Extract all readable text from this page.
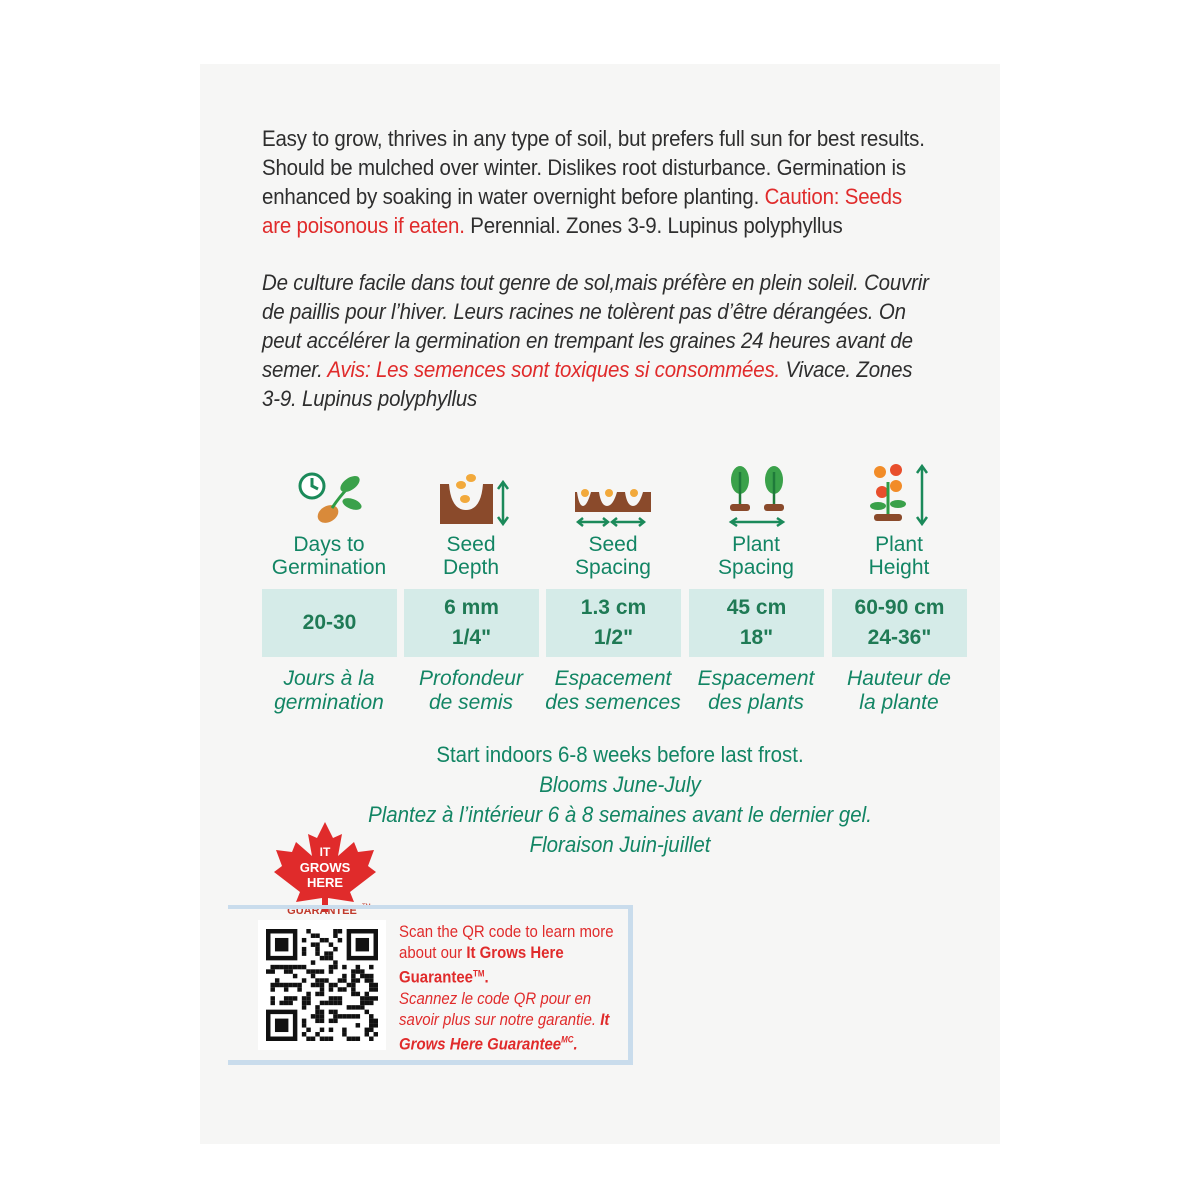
Easy to grow, thrives in any type of soil, but prefers full sun for best results. Should be mulched over winter. Dislikes root disturbance. Germination is enhanced by soaking in water overnight before planting. Caution: Seeds are poisonous if eaten. Perennial. Zones 3-9. Lupinus polyphyllus
De culture facile dans tout genre de sol,mais préfère en plein soleil. Couvrir de paillis pour l’hiver. Leurs racines ne tolèrent pas d’être dérangées. On peut accélérer la germination en trempant les graines 24 heures avant de semer. Avis: Les semences sont toxiques si consommées. Vivace. Zones 3-9. Lupinus polyphyllus
Days to
Germination
Seed
Depth
Seed
Spacing
Plant
Spacing
Plant
Height
20-30
6 mm
1/4"
1.3 cm
1/2"
45 cm
18"
60-90 cm
24-36"
Jours à la
germination
Profondeur
de semis
Espacement
des semences
Espacement
des plants
Hauteur de
la plante
Start indoors 6-8 weeks before last frost.
Blooms June-July
Plantez à l’intérieur 6 à 8 semaines avant le dernier gel.
Floraison Juin-juillet
IT
GROWS
HERE
GUARANTEE TM
Scan the QR code to learn more about our It Grows Here Guarantee™.
Scannez le code QR pour en savoir plus sur notre garantie. It Grows Here Guarantee$^{MC}$.
